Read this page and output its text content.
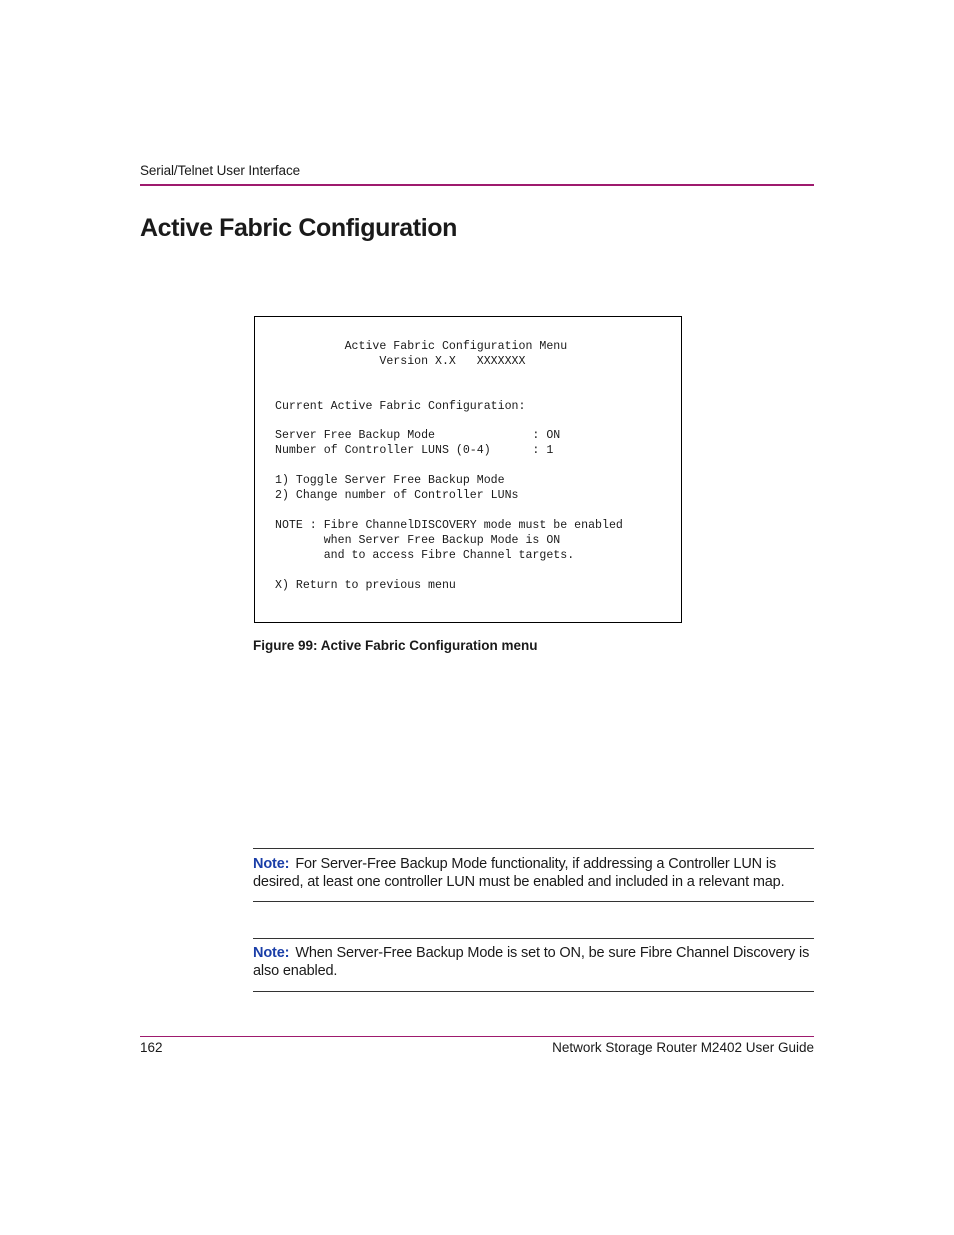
Serial/Telnet User Interface
Active Fabric Configuration
Active Fabric Configuration Menu
Version X.X   XXXXXXX

Current Active Fabric Configuration:

Server Free Backup Mode              : ON
Number of Controller LUNS (0-4)      : 1

1) Toggle Server Free Backup Mode
2) Change number of Controller LUNs

NOTE : Fibre ChannelDISCOVERY mode must be enabled
when Server Free Backup Mode is ON
and to access Fibre Channel targets.

X) Return to previous menu
Figure 99: Active Fabric Configuration menu
Note: For Server-Free Backup Mode functionality, if addressing a Controller LUN is desired, at least one controller LUN must be enabled and included in a relevant map.
Note: When Server-Free Backup Mode is set to ON, be sure Fibre Channel Discovery is also enabled.
162	Network Storage Router M2402 User Guide
